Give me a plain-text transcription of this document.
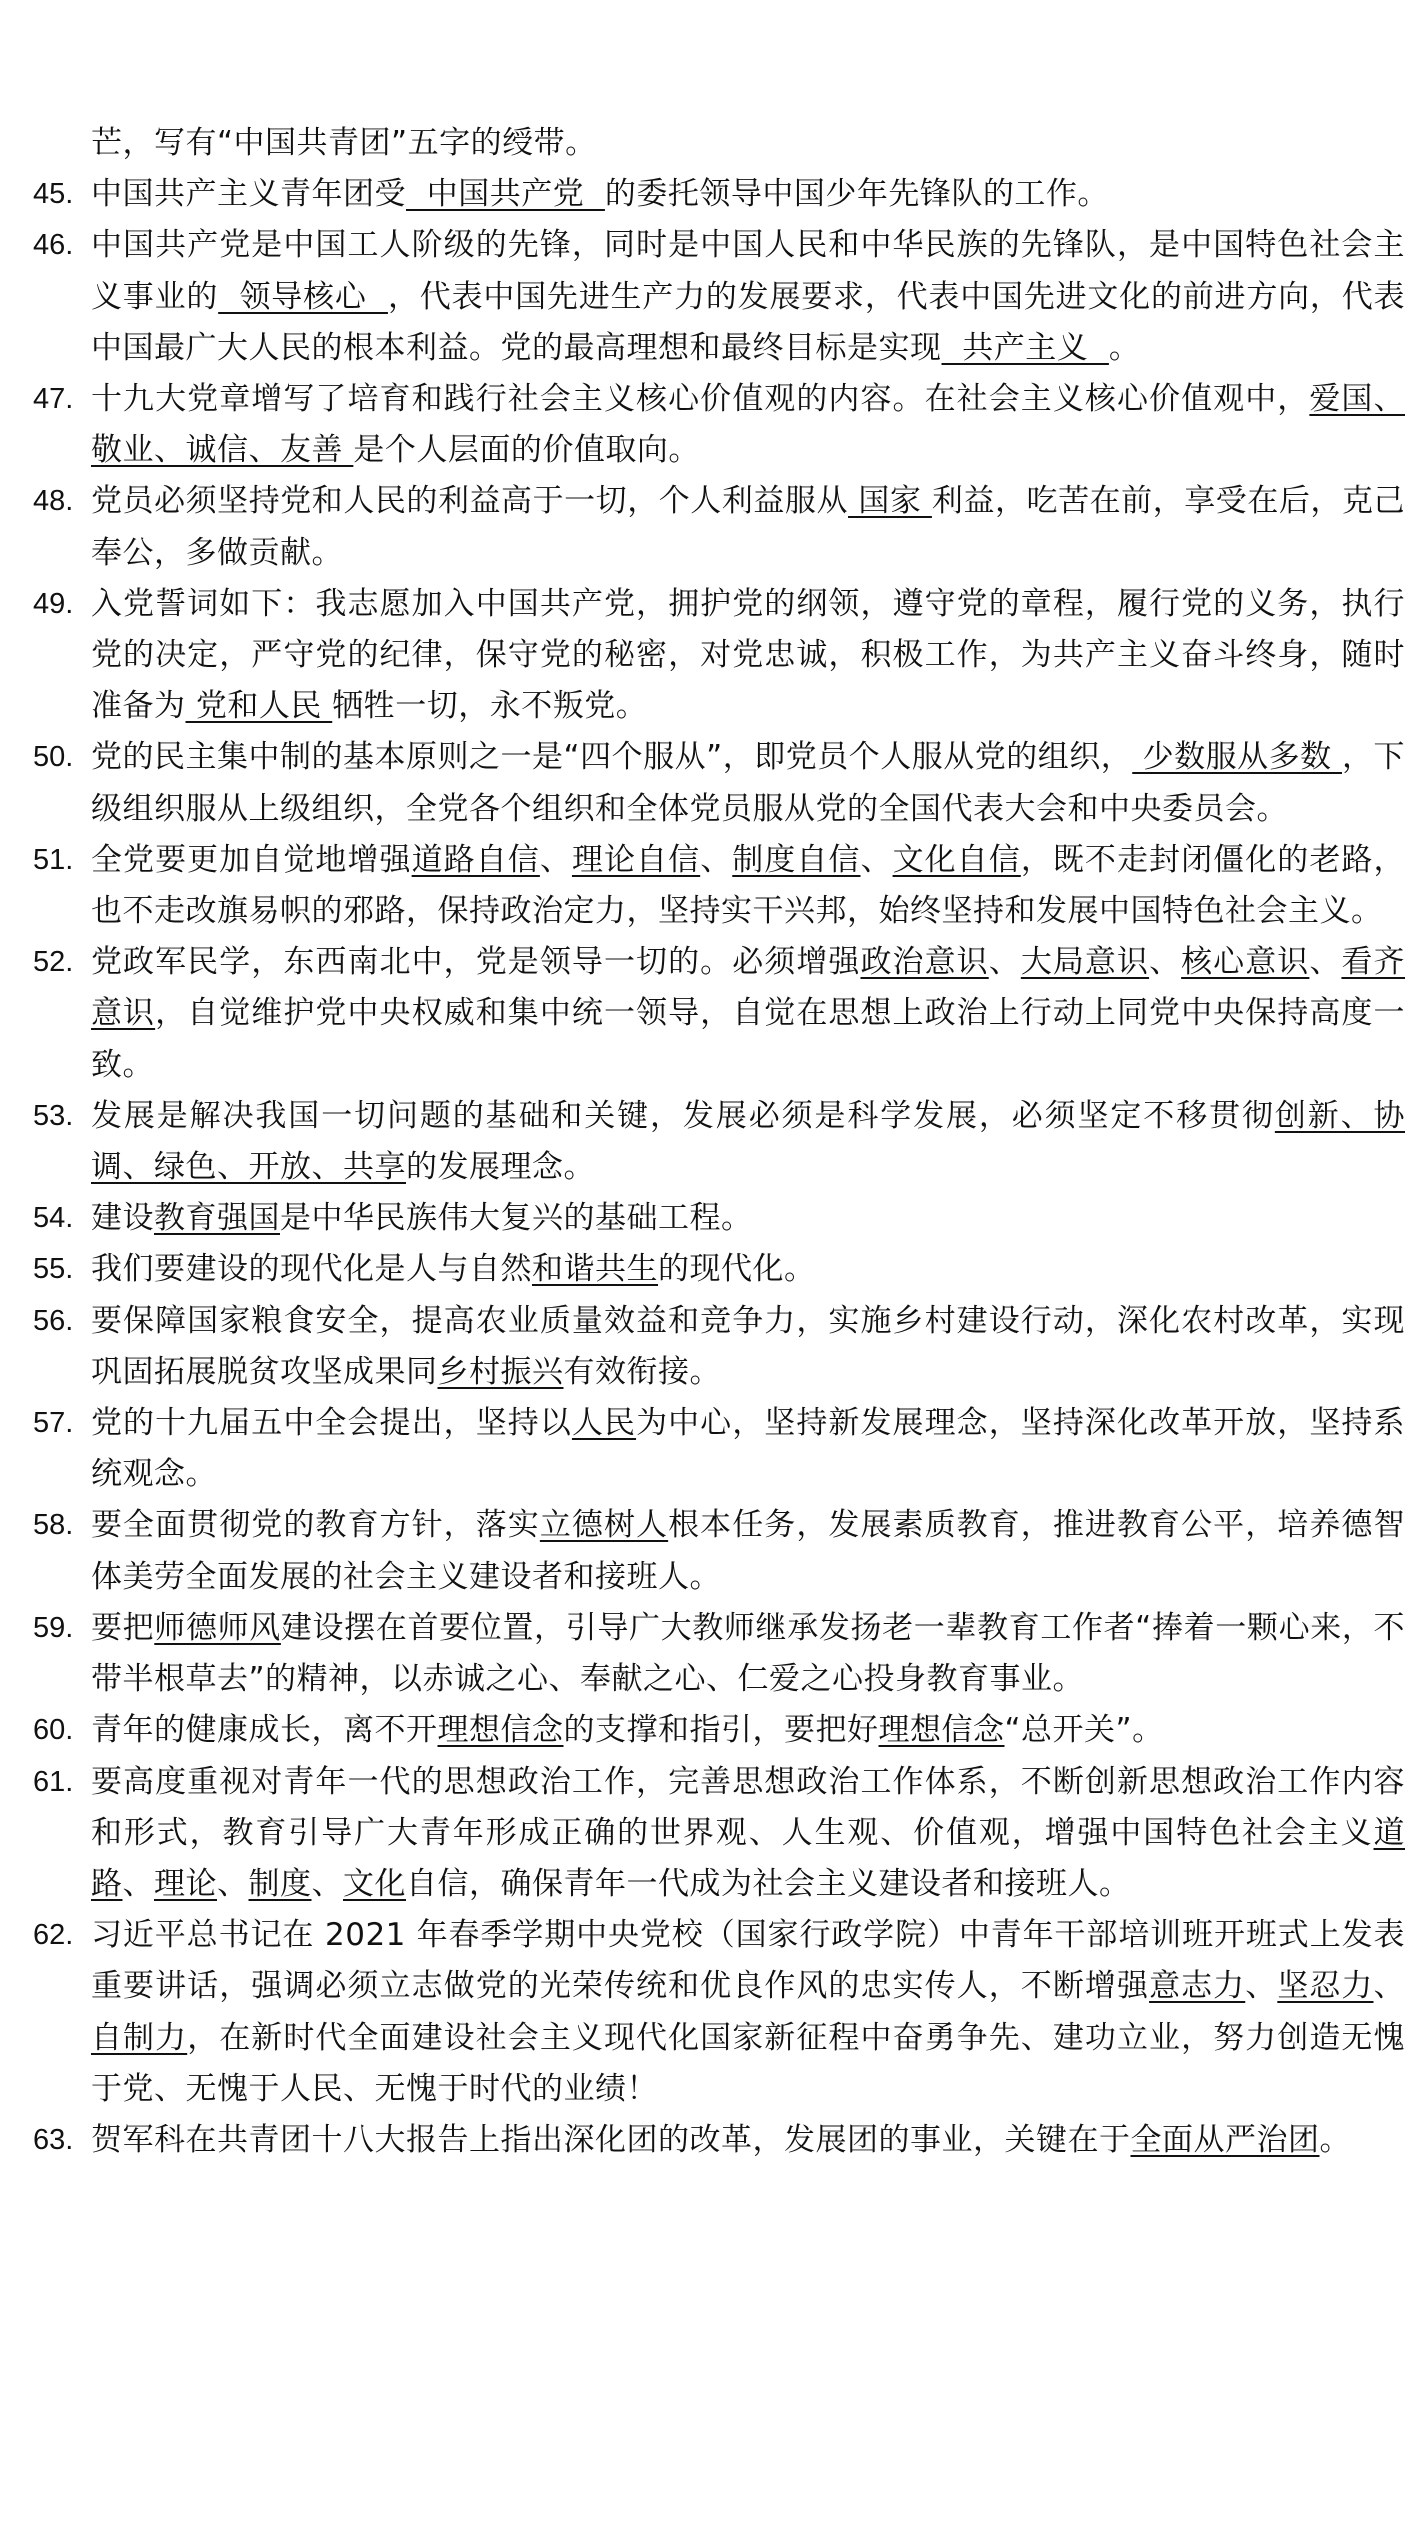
芒，写有“中国共青团”五字的绶带。
45. 中国共产主义青年团受  中国共产党  的委托领导中国少年先锋队的工作。
46. 中国共产党是中国工人阶级的先锋，同时是中国人民和中华民族的先锋队，是中国特色社会主义事业的  领导核心  ，代表中国先进生产力的发展要求，代表中国先进文化的前进方向，代表中国最广大人民的根本利益。党的最高理想和最终目标是实现  共产主义  。
47. 十九大党章增写了培育和践行社会主义核心价值观的内容。在社会主义核心价值观中，爱国、敬业、诚信、友善 是个人层面的价值取向。
48. 党员必须坚持党和人民的利益高于一切，个人利益服从 国家 利益，吃苦在前，享受在后，克己奉公，多做贡献。
49. 入党誓词如下：我志愿加入中国共产党，拥护党的纲领，遵守党的章程，履行党的义务，执行党的决定，严守党的纪律，保守党的秘密，对党忠诚，积极工作，为共产主义奋斗终身，随时准备为 党和人民 牺牲一切，永不叛党。
50. 党的民主集中制的基本原则之一是“四个服从”，即党员个人服从党的组织， 少数服从多数 ，下级组织服从上级组织，全党各个组织和全体党员服从党的全国代表大会和中央委员会。
51. 全党要更加自觉地增强道路自信、理论自信、制度自信、文化自信，既不走封闭僵化的老路，也不走改旗易帜的邪路，保持政治定力，坚持实干兴邦，始终坚持和发展中国特色社会主义。
52. 党政军民学，东西南北中，党是领导一切的。必须增强政治意识、大局意识、核心意识、看齐意识，自觉维护党中央权威和集中统一领导，自觉在思想上政治上行动上同党中央保持高度一致。
53. 发展是解决我国一切问题的基础和关键，发展必须是科学发展，必须坚定不移贯彻创新、协调、绿色、开放、共享的发展理念。
54. 建设教育强国是中华民族伟大复兴的基础工程。
55. 我们要建设的现代化是人与自然和谐共生的现代化。
56. 要保障国家粮食安全，提高农业质量效益和竞争力，实施乡村建设行动，深化农村改革，实现巩固拓展脱贫攻坚成果同乡村振兴有效衔接。
57. 党的十九届五中全会提出，坚持以人民为中心，坚持新发展理念，坚持深化改革开放，坚持系统观念。
58. 要全面贯彻党的教育方针，落实立德树人根本任务，发展素质教育，推进教育公平，培养德智体美劳全面发展的社会主义建设者和接班人。
59. 要把师德师风建设摆在首要位置，引导广大教师继承发扬老一辈教育工作者“捧着一颗心来，不带半根草去”的精神，以赤诚之心、奉献之心、仁爱之心投身教育事业。
60. 青年的健康成长，离不开理想信念的支撑和指引，要把好理想信念“总开关”。
61. 要高度重视对青年一代的思想政治工作，完善思想政治工作体系，不断创新思想政治工作内容和形式，教育引导广大青年形成正确的世界观、人生观、价值观，增强中国特色社会主义道路、理论、制度、文化自信，确保青年一代成为社会主义建设者和接班人。
62. 习近平总书记在 2021 年春季学期中央党校（国家行政学院）中青年干部培训班开班式上发表重要讲话，强调必须立志做党的光荣传统和优良作风的忠实传人，不断增强意志力、坚忍力、自制力，在新时代全面建设社会主义现代化国家新征程中奋勇争先、建功立业，努力创造无愧于党、无愧于人民、无愧于时代的业绩！
63. 贺军科在共青团十八大报告上指出深化团的改革，发展团的事业，关键在于全面从严治团。
